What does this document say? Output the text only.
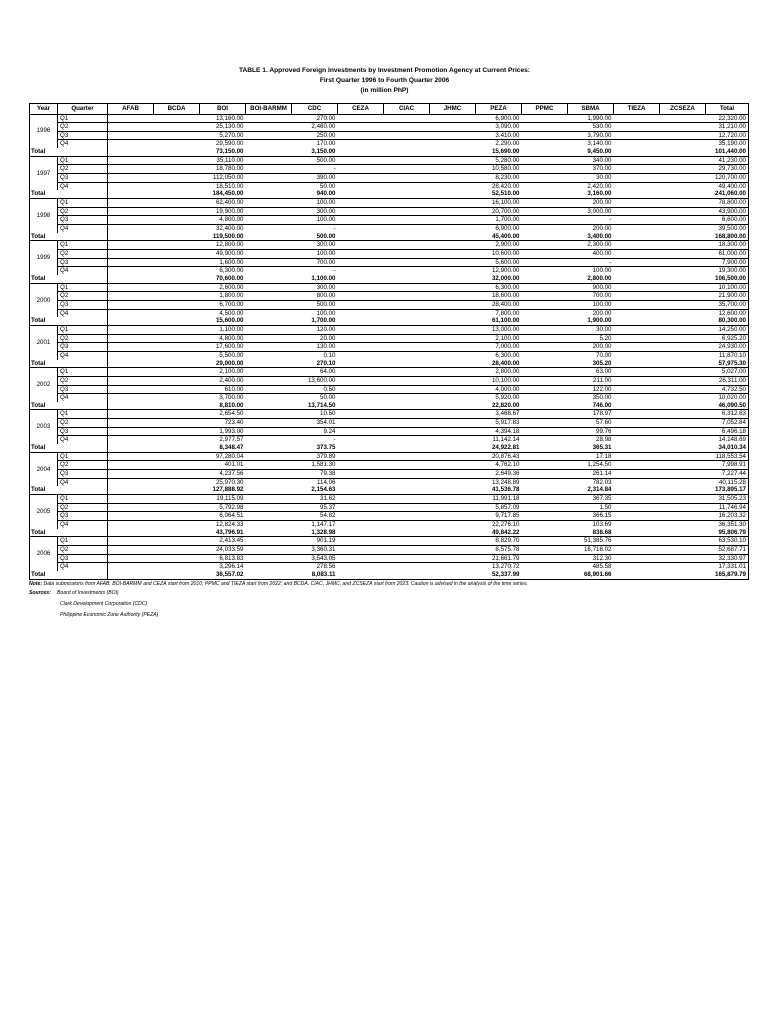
TABLE 1. Approved Foreign Investments by Investment Promotion Agency at Current Prices:
First Quarter 1996 to Fourth Quarter 2006
(in million PhP)
Year	Quarter	AFAB	BCDA	BOI	BOI-BARMM	CDC	CEZA	CIAC	JHMC	PEZA	PPMC	SBMA	TIEZA	ZCSEZA	Total
1996	Q1			13,160.00		270.00				6,900.00		1,990.00			22,320.00
	Q2			25,130.00		2,460.00				3,090.00		530.00			31,210.00
	Q3			5,270.00		250.00				3,410.00		3,790.00			12,720.00
	Q4			29,590.00		170.00				2,290.00		3,140.00			35,190.00
Total				73,150.00		3,150.00				15,690.00		9,450.00			101,440.00
1997	Q1			35,110.00		500.00				5,280.00		340.00			41,230.00
	Q2			18,780.00		-				10,580.00		370.00			29,730.00
	Q3			112,050.00		390.00				8,230.00		30.00			120,700.00
	Q4			18,510.00		50.00				28,420.00		2,420.00			49,400.00
Total				184,450.00		940.00				52,510.00		3,160.00			241,060.00
1998	Q1			62,400.00		100.00				16,100.00		200.00			78,800.00
	Q2			19,900.00		300.00				20,700.00		3,000.00			43,900.00
	Q3			4,800.00		100.00				1,700.00		-			6,600.00
	Q4			32,400.00		-				6,900.00		200.00			39,500.00
Total				119,500.00		500.00				45,400.00		3,400.00			168,800.00
1999	Q1			12,800.00		300.00				2,900.00		2,300.00			18,300.00
	Q2			49,900.00		100.00				10,600.00		400.00			61,000.00
	Q3			1,600.00		700.00				5,600.00		-			7,900.00
	Q4			6,300.00		-				12,900.00		100.00			19,300.00
Total				70,600.00		1,100.00				32,000.00		2,800.00			106,500.00
2000	Q1			2,600.00		300.00				6,300.00		900.00			10,100.00
	Q2			1,800.00		800.00				18,600.00		700.00			21,900.00
	Q3			6,700.00		500.00				28,400.00		100.00			35,700.00
	Q4			4,500.00		100.00				7,800.00		200.00			12,600.00
Total				15,600.00		1,700.00				61,100.00		1,900.00			80,300.00
2001	Q1			1,100.00		120.00				13,000.00		30.00			14,250.00
	Q2			4,800.00		20.00				2,100.00		5.20			6,925.20
	Q3			17,600.00		130.00				7,000.00		200.00			24,930.00
	Q4			5,500.00		0.10				6,300.00		70.00			11,870.10
Total				29,000.00		270.10				28,400.00		305.20			57,975.30
2002	Q1			2,100.00		64.00				2,800.00		63.00			5,027.00
	Q2			2,400.00		13,600.00				10,100.00		211.00			26,311.00
	Q3			610.00		0.50				4,000.00		122.00			4,732.50
	Q4			3,700.00		50.00				5,920.00		350.00			10,020.00
Total				8,810.00		13,714.50				22,820.00		746.00			46,090.50
2003	Q1			2,654.50		10.50				3,468.67		178.97			6,312.63
	Q2			723.40		354.01				5,917.83		57.60			7,052.84
	Q3			1,993.00		9.24				4,394.18		99.76			6,496.18
	Q4			2,977.57		-				11,142.14		28.98			14,148.69
Total				8,348.47		373.75				24,922.81		365.31			34,010.34
2004	Q1			97,280.04		379.89				20,876.43		17.18			118,553.54
	Q2			401.01		1,581.30				4,762.10		1,254.50			7,998.91
	Q3			4,237.56		79.38				2,649.36		261.14			7,227.44
	Q4			25,970.30		114.06				13,248.89		782.03			40,115.28
Total				127,888.92		2,154.63				41,536.78		2,314.84			173,895.17
2005	Q1			19,115.09		31.62				11,991.18		367.35			31,505.23
	Q2			5,792.98		95.37				5,857.09		1.50			11,746.94
	Q3			6,064.51		54.82				9,717.85		366.15			16,203.32
	Q4			12,824.33		1,147.17				22,276.10		103.69			36,351.30
Total				43,796.91		1,328.98				49,842.22		838.68			95,806.79
2006	Q1			2,413.45		901.19				8,829.70		51,385.76			63,530.10
	Q2			24,033.59		3,360.31				8,575.78		16,718.02			52,687.71
	Q3			6,813.83		3,543.05				21,661.79		312.30			32,330.97
	Q4			3,296.14		278.56				13,270.72		485.58			17,331.01
Total				36,557.02		8,083.11				52,337.99		68,901.66			165,879.79
Note: Data submissions from AFAB, BOI-BARMM and CEZA start from 2010; PPMC and TIEZA start from 2022; and BCDA, CIAC, JHMC, and ZCSEZA start from 2023. Caution is advised in the analysis of the time series.
Sources: Board of Investments (BOI)
Clark Development Corporation (CDC)
Philippine Economic Zone Authority (PEZA)
